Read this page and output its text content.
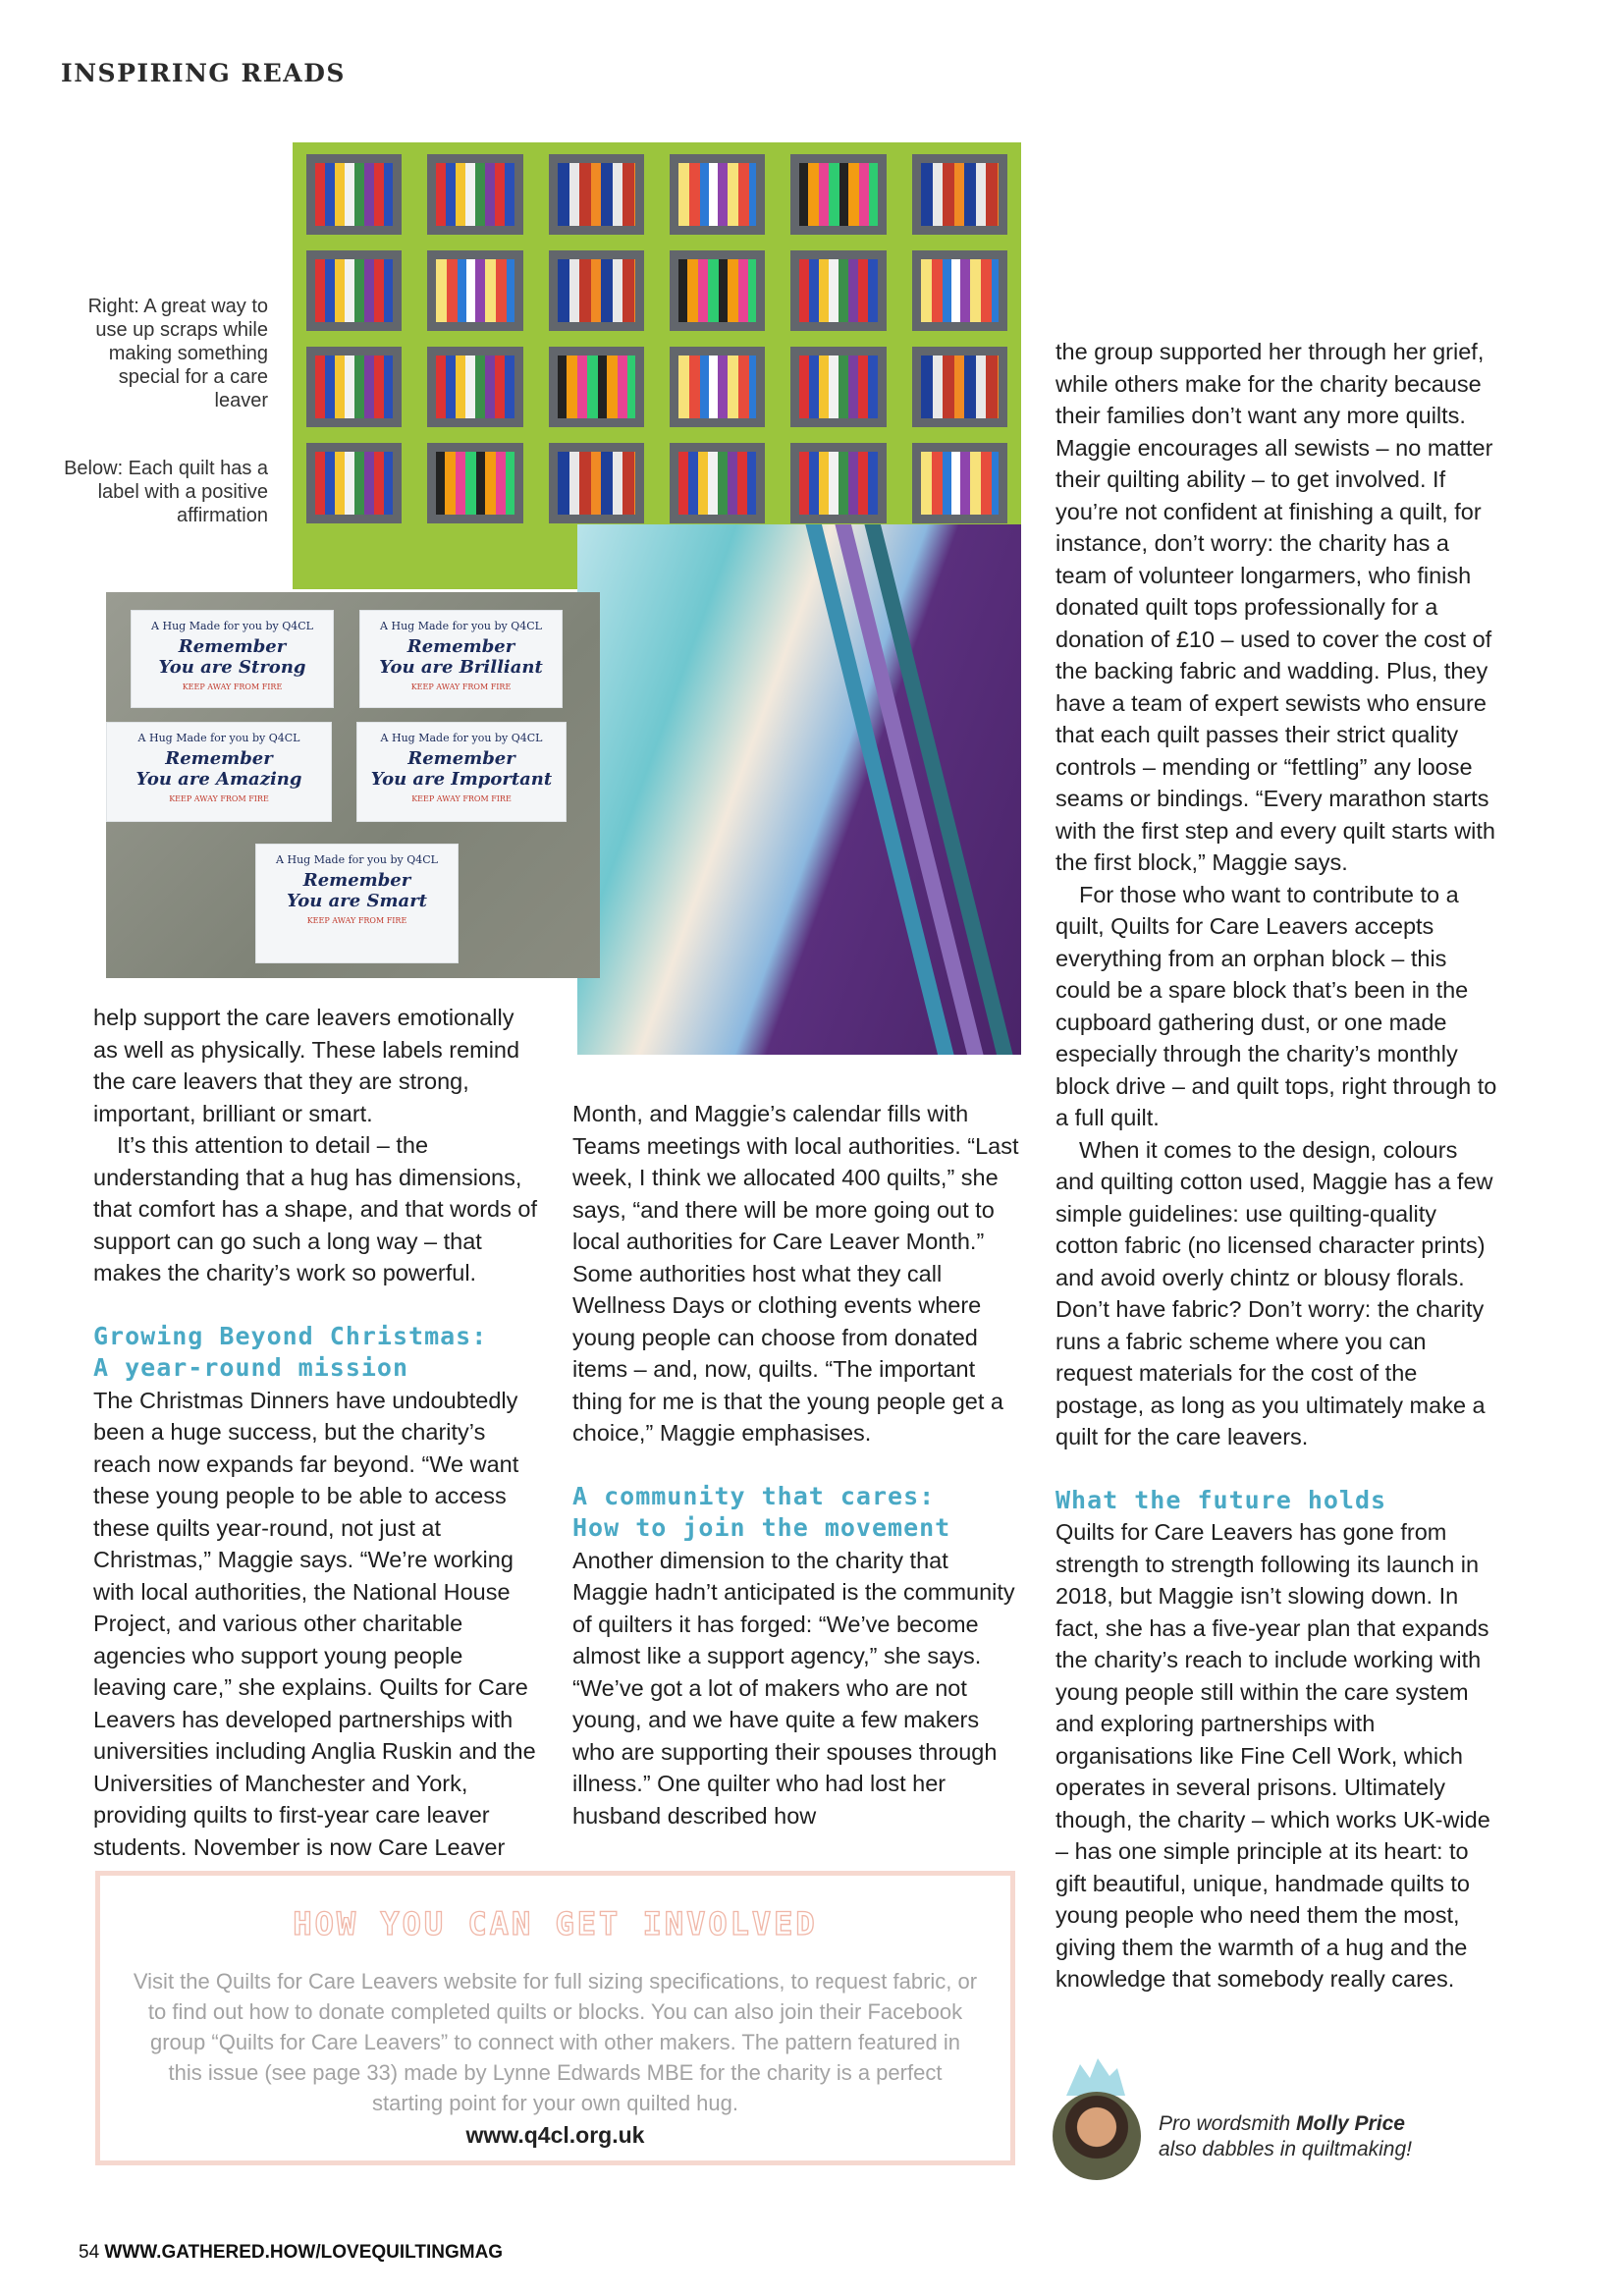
INSPIRING READS
Right: A great way to use up scraps while making something special for a care leaver
Below: Each quilt has a label with a positive affirmation
A Hug Made for you by Q4CL
Remember
You are Strong
KEEP AWAY FROM FIRE
A Hug Made for you by Q4CL
Remember
You are Brilliant
KEEP AWAY FROM FIRE
A Hug Made for you by Q4CL
Remember
You are Amazing
KEEP AWAY FROM FIRE
A Hug Made for you by Q4CL
Remember
You are Important
KEEP AWAY FROM FIRE
A Hug Made for you by Q4CL
Remember
You are Smart
KEEP AWAY FROM FIRE

help support the care leavers emotionally as well as physically. These labels remind the care leavers that they are strong, important, brilliant or smart.

It’s this attention to detail – the understanding that a hug has dimensions, that comfort has a shape, and that words of support can go such a long way – that makes the charity’s work so powerful.

Growing Beyond Christmas:
A year-round mission

The Christmas Dinners have undoubtedly been a huge success, but the charity’s reach now expands far beyond. “We want these young people to be able to access these quilts year-round, not just at Christmas,” Maggie says. “We’re working with local authorities, the National House Project, and various other charitable agencies who support young people leaving care,” she explains. Quilts for Care Leavers has developed partnerships with universities including Anglia Ruskin and the Universities of Manchester and York, providing quilts to first-year care leaver students. November is now Care Leaver

Month, and Maggie’s calendar fills with Teams meetings with local authorities. “Last week, I think we allocated 400 quilts,” she says, “and there will be more going out to local authorities for Care Leaver Month.” Some authorities host what they call Wellness Days or clothing events where young people can choose from donated items – and, now, quilts. “The important thing for me is that the young people get a choice,” Maggie emphasises.

A community that cares:
How to join the movement

Another dimension to the charity that Maggie hadn’t anticipated is the community of quilters it has forged: “We’ve become almost like a support agency,” she says. “We’ve got a lot of makers who are not young, and we have quite a few makers who are supporting their spouses through illness.” One quilter who had lost her husband described how

the group supported her through her grief, while others make for the charity because their families don’t want any more quilts. Maggie encourages all sewists – no matter their quilting ability – to get involved. If you’re not confident at finishing a quilt, for instance, don’t worry: the charity has a team of volunteer longarmers, who finish donated quilt tops professionally for a donation of £10 – used to cover the cost of the backing fabric and wadding. Plus, they have a team of expert sewists who ensure that each quilt passes their strict quality controls – mending or “fettling” any loose seams or bindings. “Every marathon starts with the first step and every quilt starts with the first block,” Maggie says.

For those who want to contribute to a quilt, Quilts for Care Leavers accepts everything from an orphan block – this could be a spare block that’s been in the cupboard gathering dust, or one made especially through the charity’s monthly block drive – and quilt tops, right through to a full quilt.

When it comes to the design, colours and quilting cotton used, Maggie has a few simple guidelines: use quilting-quality cotton fabric (no licensed character prints) and avoid overly chintz or blousy florals. Don’t have fabric? Don’t worry: the charity runs a fabric scheme where you can request materials for the cost of the postage, as long as you ultimately make a quilt for the care leavers.

What the future holds

Quilts for Care Leavers has gone from strength to strength following its launch in 2018, but Maggie isn’t slowing down. In fact, she has a five-year plan that expands the charity’s reach to include working with young people still within the care system and exploring partnerships with organisations like Fine Cell Work, which operates in several prisons. Ultimately though, the charity – which works UK-wide – has one simple principle at its heart: to gift beautiful, unique, handmade quilts to young people who need them the most, giving them the warmth of a hug and the knowledge that somebody really cares.

HOW YOU CAN GET INVOLVED
Visit the Quilts for Care Leavers website for full sizing specifications, to request fabric, or to find out how to donate completed quilts or blocks. You can also join their Facebook group “Quilts for Care Leavers” to connect with other makers. The pattern featured in this issue (see page 33) made by Lynne Edwards MBE for the charity is a perfect starting point for your own quilted hug.
www.q4cl.org.uk	Pro wordsmith Molly Price
also dabbles in quiltmaking!
54 WWW.GATHERED.HOW/LOVEQUILTINGMAG
